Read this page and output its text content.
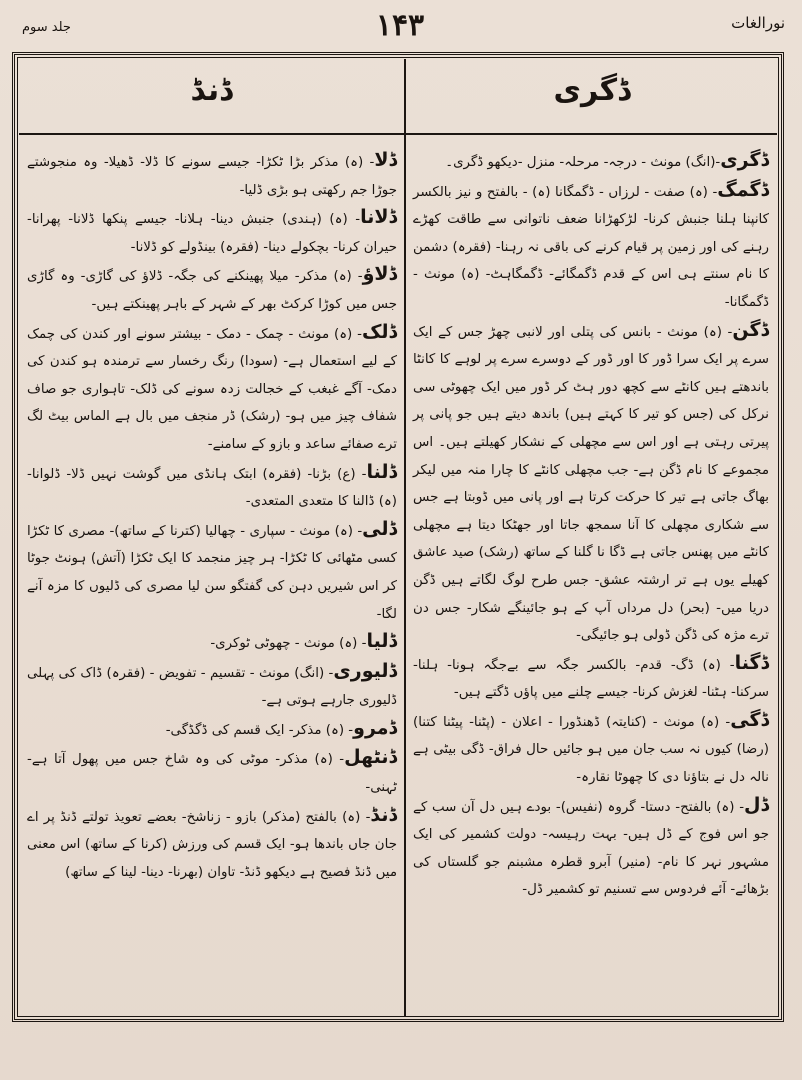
جلد سوم	۱۴۳	نورالغات
ڈگری
ڈنڈ

ڈگری-(انگ) مونث - درجہ- مرحلہ- منزل -دیکھو ڈگری۔

ڈگمگ- (ہ) صفت - لرزاں - ڈگمگانا (ہ) - بالفتح و نیز بالکسر کانپنا ہلنا جنبش کرنا- لڑکھڑانا ضعف ناتوانی سے طاقت کھڑے رہنے کی اور زمین پر قیام کرنے کی باقی نہ رہنا- (فقرہ) دشمن کا نام سنتے ہی اس کے قدم ڈگمگائے- ڈگمگاہٹ- (ہ) مونث - ڈگمگانا-

ڈگن- (ہ) مونث - بانس کی پتلی اور لانبی چھڑ جس کے ایک سرے پر ایک سرا ڈور کا اور ڈور کے دوسرے سرے پر لوہے کا کانٹا باندھتے ہیں کانٹے سے کچھ دور ہٹ کر ڈور میں ایک چھوٹی سی نرکل کی (جس کو تیر کا کہتے ہیں) باندھ دیتے ہیں جو پانی پر پیرتی رہتی ہے اور اس سے مچھلی کے نشکار کھیلتے ہیں۔ اس مجموعے کا نام ڈگن ہے- جب مچھلی کانٹے کا چارا منہ میں لیکر بھاگ جاتی ہے تیر کا حرکت کرتا ہے اور پانی میں ڈوبتا ہے جس سے شکاری مچھلی کا آنا سمجھ جاتا اور جھٹکا دیتا ہے مچھلی کانٹے میں پھنس جاتی ہے ڈگا نا گلنا کے ساتھ (رشک) صید عاشق کھیلے یوں ہے تر ارشتہ عشق- جس طرح لوگ لگاتے ہیں ڈگن دریا میں- (بحر) دل مرداں آپ کے ہو جائینگے شکار- جس دن ترے مژہ کی ڈگن ڈولی ہو جائیگی-

ڈگنا- (ہ) ڈگ- قدم- بالکسر جگہ سے بےجگہ ہونا- ہلنا- سرکنا- ہٹنا- لغزش کرنا- جیسے چلنے میں پاؤں ڈگتے ہیں-

ڈگی- (ہ) مونث - (کنایتہ) ڈھنڈورا - اعلان - (پٹنا- پیٹنا کتنا) (رضا) کیوں نہ سب جان میں ہو جائیں حال فراق- ڈگی بیٹی ہے نالہ دل نے بتاؤنا دی کا چھوٹا نقارہ-

ڈل- (ہ) بالفتح- دستا- گروہ (نفیس)- بودے ہیں دل آن سب کے جو اس فوج کے ڈل ہیں- بہت رہیسہ- دولت کشمیر کی ایک مشہور نہر کا نام- (منیر) آبرو قطرہ مشبنم جو گلستاں کی بڑھائے- آئے فردوس سے تسنیم تو کشمیر ڈل-

ڈلا- (ہ) مذکر بڑا ٹکڑا- جیسے سونے کا ڈلا- ڈھیلا- وہ منجوشتے جوڑا جم رکھتی ہو بڑی ڈلیا-

ڈلانا- (ہ) (ہندی) جنبش دینا- ہلانا- جیسے پنکھا ڈلانا- پھرانا- حیران کرنا- بچکولے دینا- (فقرہ) بینڈولے کو ڈلانا-

ڈلاؤ- (ہ) مذکر- میلا پھینکنے کی جگہ- ڈلاؤ کی گاڑی- وہ گاڑی جس میں کوڑا کرکٹ بھر کے شہر کے باہر پھینکتے ہیں-

ڈلک- (ہ) مونث - چمک - دمک - بیشتر سونے اور کندن کی چمک کے لیے استعمال ہے- (سودا) رنگ رخسار سے ترمندہ ہو کندن کی دمک- آگے غبغب کے خجالت زدہ سونے کی ڈلک- تاہواری جو صاف شفاف چیز میں ہو- (رشک) ڈر منجف میں بال ہے الماس بیٹ لگ ترے صفائے ساعد و بازو کے سامنے-

ڈلنا- (ع) بڑنا- (فقرہ) ابتک ہانڈی میں گوشت نہیں ڈلا- ڈلوانا- (ہ) ڈالنا کا متعدی المتعدی-

ڈلی- (ہ) مونث - سپاری - چھالیا (کترنا کے ساتھ)- مصری کا ٹکڑا کسی مٹھائی کا ٹکڑا- ہر چیز منجمد کا ایک ٹکڑا (آتش) ہونٹ جوٹا کر اس شیریں دہن کی گفتگو سن لیا مصری کی ڈلیوں کا مزہ آنے لگا-

ڈلیا- (ہ) مونث - چھوٹی ٹوکری-

ڈلیوری- (انگ) مونث - تقسیم - تفویض - (فقرہ) ڈاک کی پہلی ڈلیوری جارہے ہوتی ہے-

ڈمرو- (ہ) مذکر- ایک قسم کی ڈگڈگی-

ڈنٹھل- (ہ) مذکر- موٹی کی وہ شاخ جس میں پھول آتا ہے- ٹہنی-

ڈنڈ- (ہ) بالفتح (مذکر) بازو - زناشخ- بعضے تعویذ تولتے ڈنڈ پر اے جان جاں باندھا ہو- ایک قسم کی ورزش (کرنا کے ساتھ) اس معنی میں ڈنڈ فصیح ہے دیکھو ڈنڈ- تاوان (بھرنا- دینا- لینا کے ساتھ)
